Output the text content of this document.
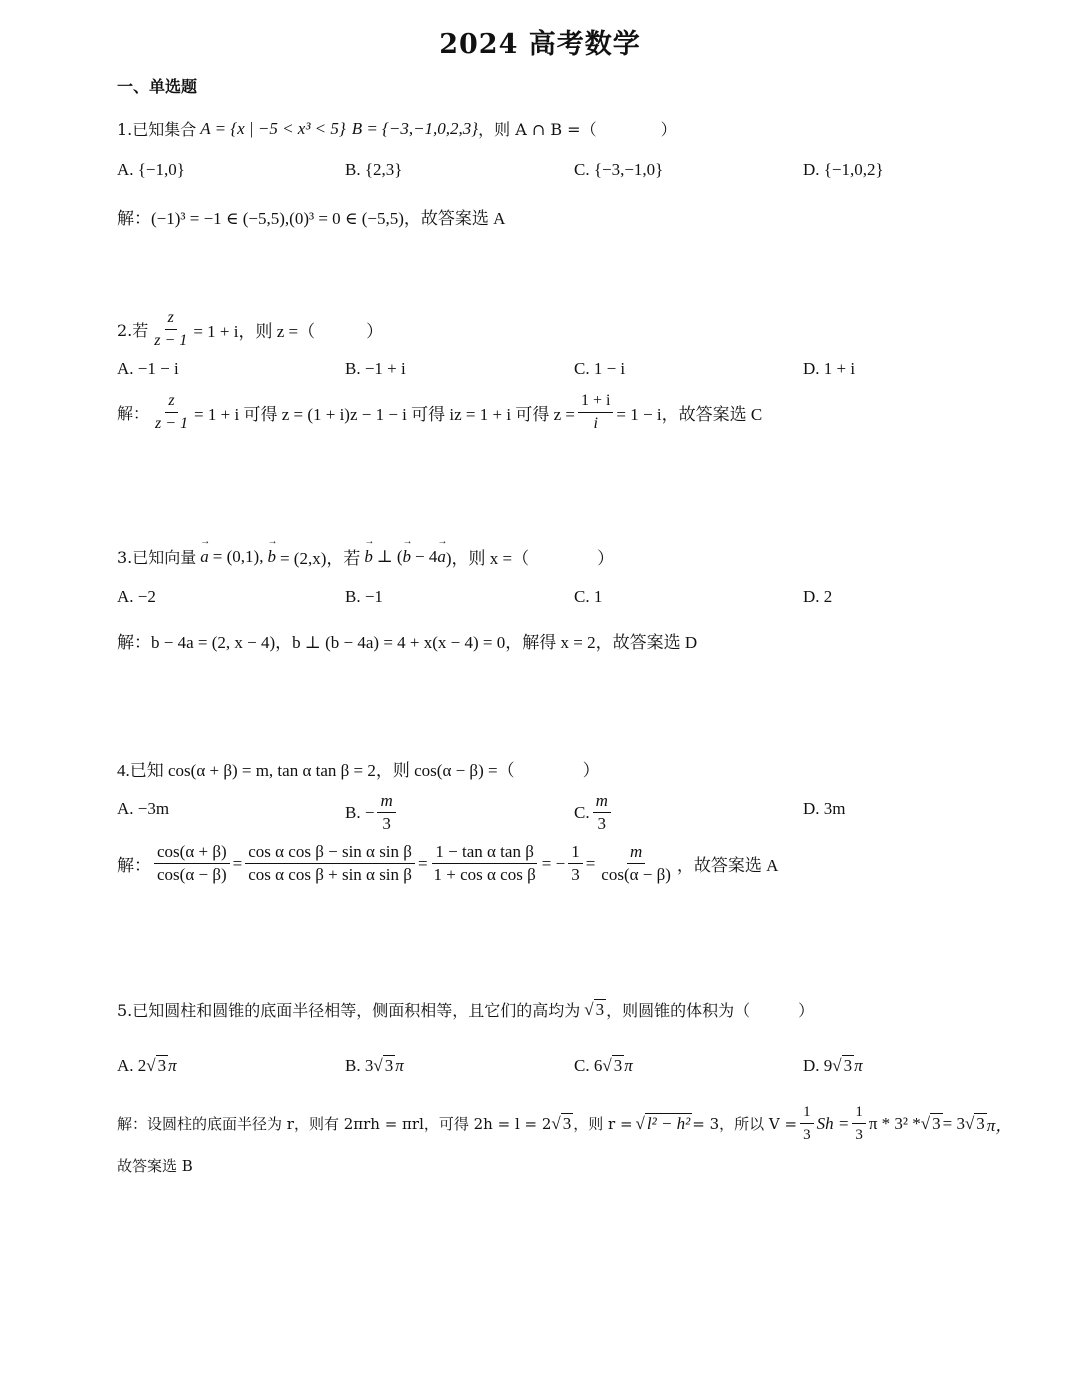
2024 高考数学
一、单选题
1.已知集合 A = {x | −5 < x³ < 5} B = {−3,−1,0,2,3} ，则 A ∩ B =（　　　　）
A. {−1,0}	B. {2,3}	C. {−3,−1,0}	D. {−1,0,2}
解：(−1)³ = −1 ∈ (−5,5),(0)³ = 0 ∈ (−5,5)，故答案选 A
2.若 $\frac{z}{z - 1} = 1 + i$，则 z =（　　　）
A. −1 − i	B. −1 + i	C. 1 − i	D. 1 + i
解： $\frac{z}{z - 1} = 1 + i$ 可得 z = (1 + i)z − 1 − i 可得 iz = 1 + i 可得 $z = \frac{1 + i}{i} = 1 - i$，故答案选 C
3.已知向量 → a = (0,1), → b = (2,x)，若 → b ⊥ ( → b − 4 → a )，则 x =（　　　　）
A. −2	B. −1	C. 1	D. 2
解：b − 4a = (2, x − 4)，b ⊥ (b − 4a) = 4 + x(x − 4) = 0，解得 x = 2，故答案选 D
4.已知 cos(α + β) = m, tan α tan β = 2，则 cos(α − β) =（　　　　）
A. −3m	B. − $\frac{m}{3}$	C. $\frac{m}{3}$	D. 3m
解： $\frac{\cos(\alpha + \beta)}{\cos(\alpha - \beta)} = \frac{\text{cos α cos β − sin α sin β}}{\text{cos α cos β + sin α sin β}} = \frac{\text{1 − tan α tan β}}{\text{1 + cos α cos β}}$ = − $\frac{1}{3} = \frac{m}{\cos(\alpha - \beta)}$ ，故答案选 A
5.已知圆柱和圆锥的底面半径相等，侧面积相等，且它们的高均为 √ 3 ，则圆锥的体积为（　　　）
A. 2 √ 3 π	B. 3 √ 3 π	C. 6 √ 3 π	D. 9 √ 3 π
解：设圆柱的底面半径为 r，则有 2πrh = πrl，可得 2h = l = 2 √ 3 ，则 r = √ l² − h² = 3，所以 $V = \frac{1}{3}$ $Sh = \frac{1}{3}$ π * 3² * √ 3 = 3 √ 3 π，
故答案选 B
